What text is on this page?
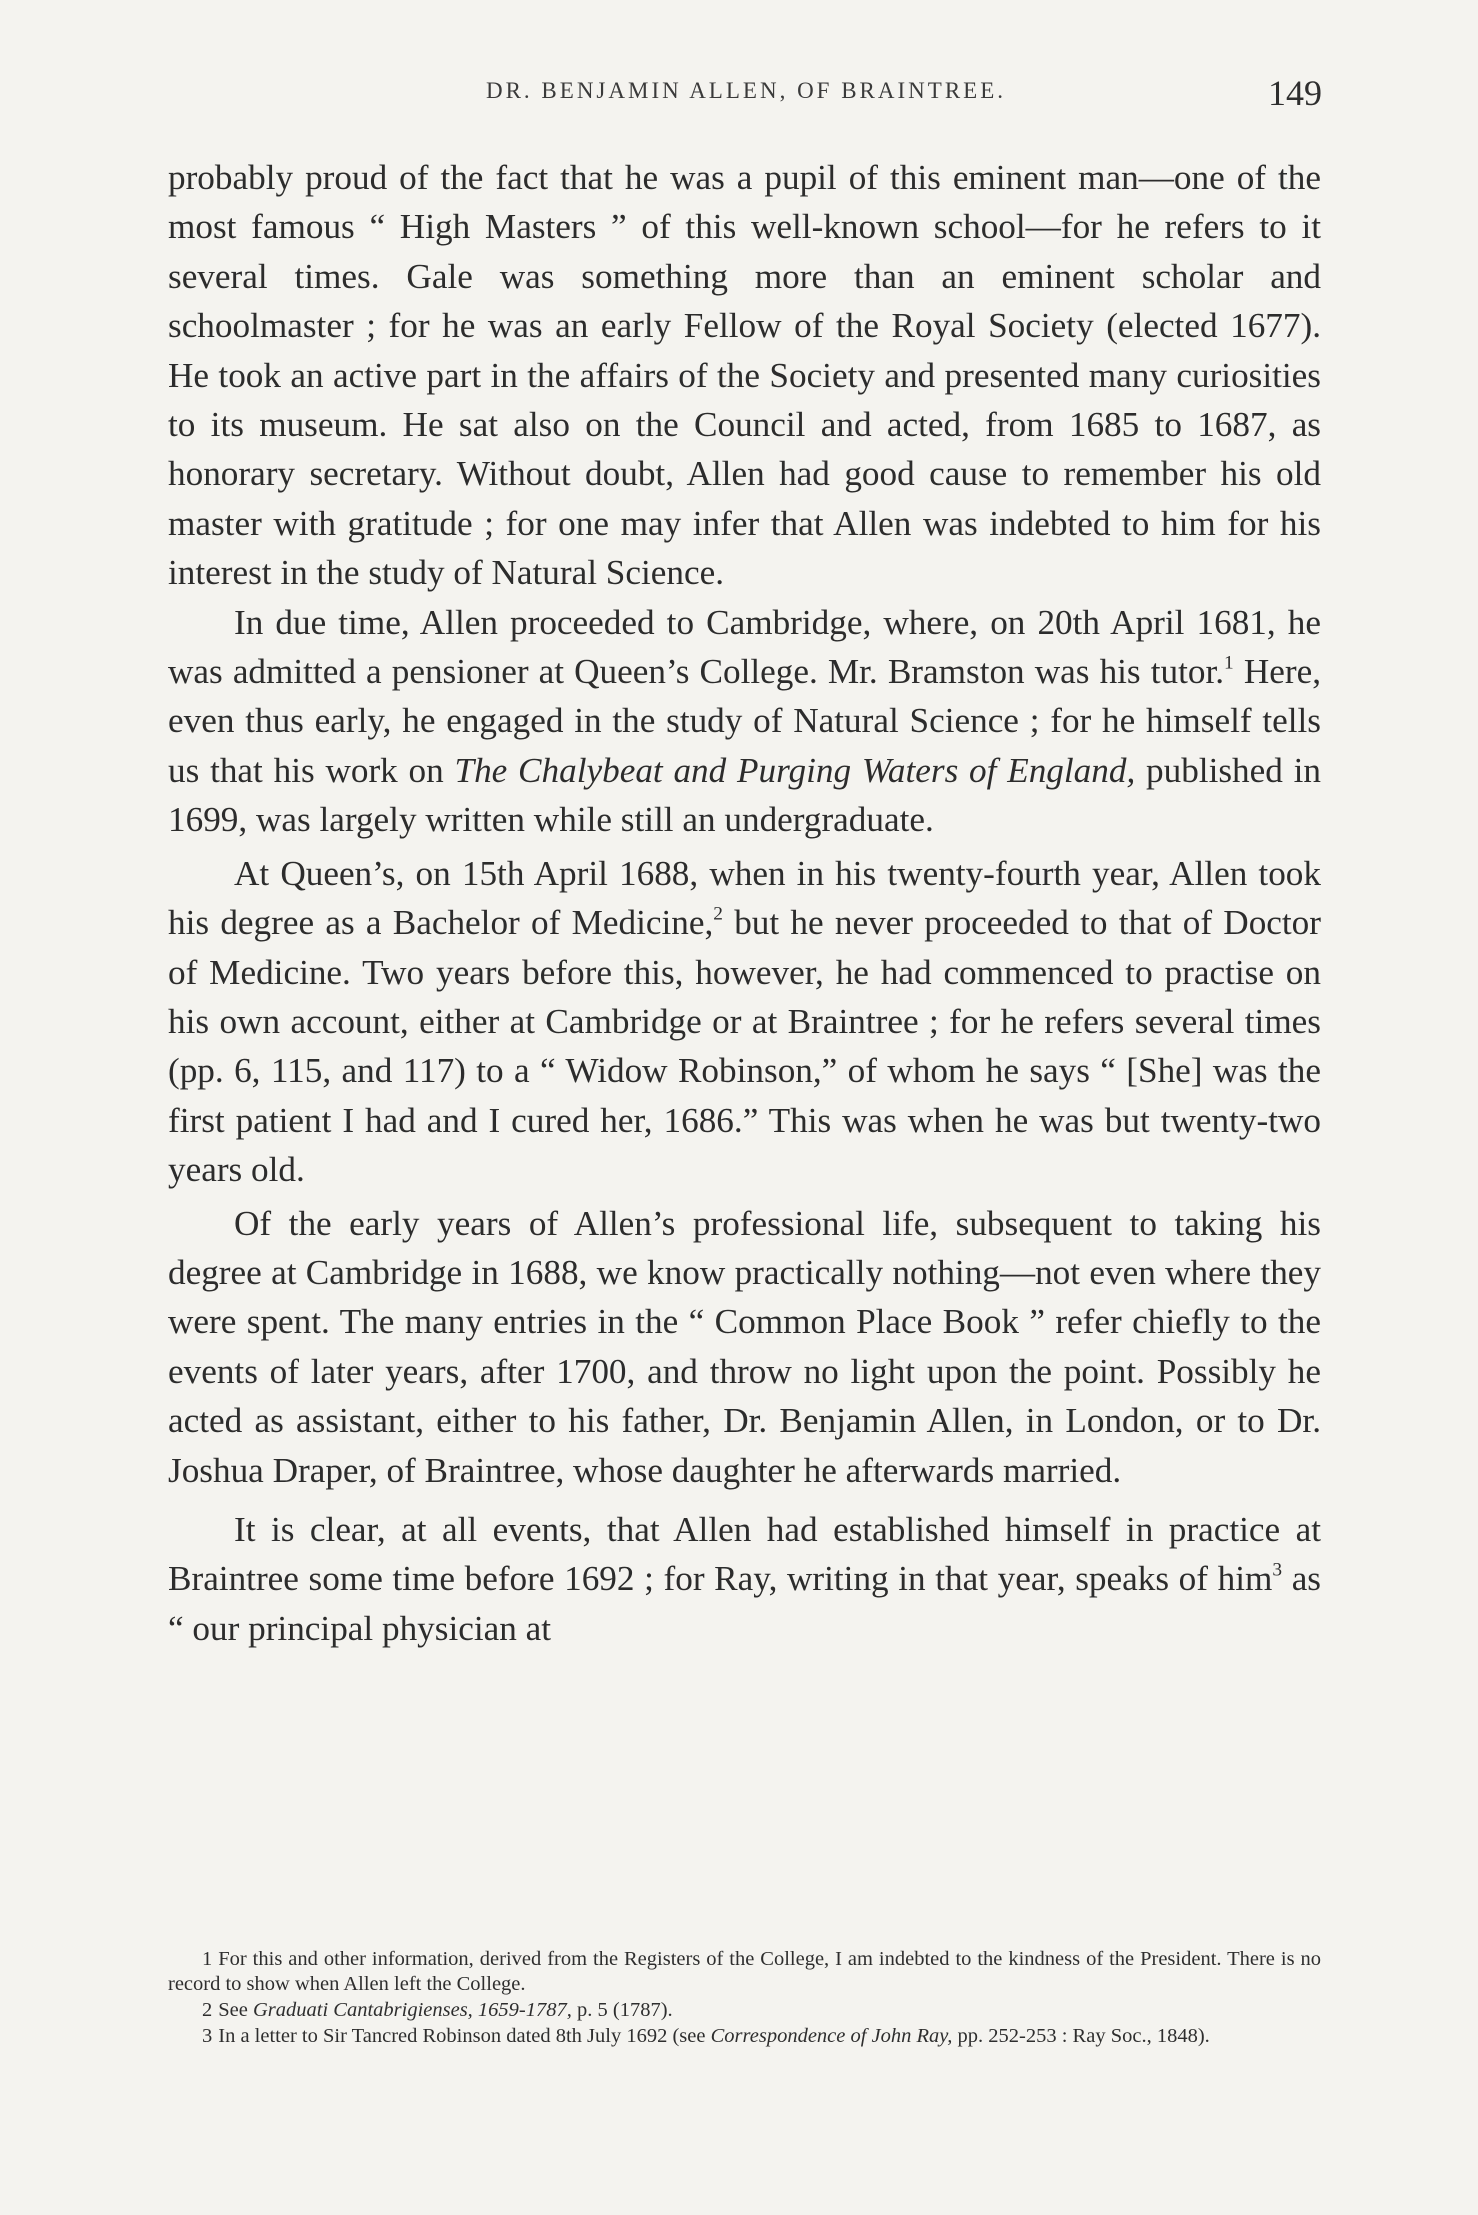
DR. BENJAMIN ALLEN, OF BRAINTREE.	149

probably proud of the fact that he was a pupil of this eminent man—one of the most famous “ High Masters ” of this well-known school—for he refers to it several times. Gale was something more than an eminent scholar and schoolmaster ; for he was an early Fellow of the Royal Society (elected 1677). He took an active part in the affairs of the Society and presented many curiosities to its museum. He sat also on the Council and acted, from 1685 to 1687, as honorary secretary. Without doubt, Allen had good cause to remember his old master with gratitude ; for one may infer that Allen was indebted to him for his interest in the study of Natural Science.

In due time, Allen proceeded to Cambridge, where, on 20th April 1681, he was admitted a pensioner at Queen’s College. Mr. Bramston was his tutor.$^1$ Here, even thus early, he engaged in the study of Natural Science ; for he himself tells us that his work on The Chalybeat and Purging Waters of England, published in 1699, was largely written while still an undergraduate.

At Queen’s, on 15th April 1688, when in his twenty-fourth year, Allen took his degree as a Bachelor of Medicine,$^2$ but he never proceeded to that of Doctor of Medicine. Two years before this, however, he had commenced to practise on his own account, either at Cambridge or at Braintree ; for he refers several times (pp. 6, 115, and 117) to a “ Widow Robinson,” of whom he says “ [She] was the first patient I had and I cured her, 1686.” This was when he was but twenty-two years old.

Of the early years of Allen’s professional life, subsequent to taking his degree at Cambridge in 1688, we know practically nothing—not even where they were spent. The many entries in the “ Common Place Book ” refer chiefly to the events of later years, after 1700, and throw no light upon the point. Possibly he acted as assistant, either to his father, Dr. Benjamin Allen, in London, or to Dr. Joshua Draper, of Braintree, whose daughter he afterwards married.

It is clear, at all events, that Allen had established himself in practice at Braintree some time before 1692 ; for Ray, writing in that year, speaks of him$^3$ as “ our principal physician at

1 For this and other information, derived from the Registers of the College, I am indebted to the kindness of the President. There is no record to show when Allen left the College.

2 See Graduati Cantabrigienses, 1659-1787, p. 5 (1787).

3 In a letter to Sir Tancred Robinson dated 8th July 1692 (see Correspondence of John Ray, pp. 252-253 : Ray Soc., 1848).
